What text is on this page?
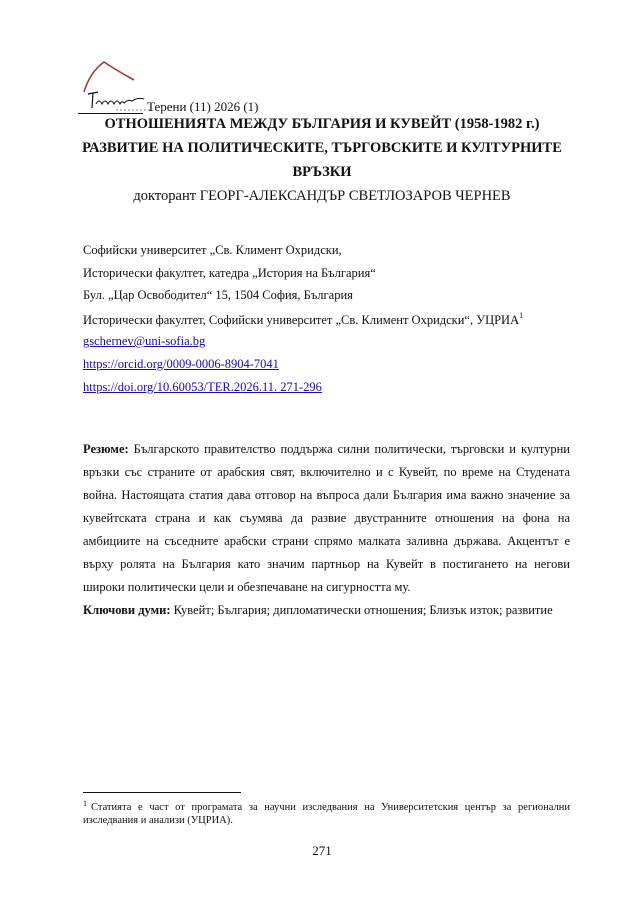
Терени (11) 2026 (1)
ОТНОШЕНИЯТА МЕЖДУ БЪЛГАРИЯ И КУВЕЙТ (1958-1982 г.)
РАЗВИТИЕ НА ПОЛИТИЧЕСКИТЕ, ТЪРГОВСКИТЕ И КУЛТУРНИТЕ
ВРЪЗКИ
докторант ГЕОРГ-АЛЕКСАНДЪР СВЕТЛОЗАРОВ ЧЕРНЕВ
Софийски университет „Св. Климент Охридски,
Исторически факултет, катедра „История на България“
Бул. „Цар Освободител“ 15, 1504 София, България
Исторически факултет, Софийски университет „Св. Климент Охридски“, УЦРИА$^1$
gschernev@uni-sofia.bg
https://orcid.org/0009-0006-8904-7041
https://doi.org/10.60053/TER.2026.11. 271-296

Резюме: Българското правителство поддържа силни политически, търговски и културни връзки със страните от арабския свят, включително и с Кувейт, по време на Студената война. Настоящата статия дава отговор на въпроса дали България има важно значение за кувейтската страна и как съумява да развие двустранните отношения на фона на амбициите на съседните арабски страни спрямо малката заливна държава. Акцентът е върху ролята на България като значим партньор на Кувейт в постигането на негови широки политически цели и обезпечаване на сигурността му.

Ключови думи: Кувейт; България; дипломатически отношения; Близък изток; развитие

$^1$ Статията е част от програмата за научни изследвания на Университетския център за регионални изследвания и анализи (УЦРИА).
271
